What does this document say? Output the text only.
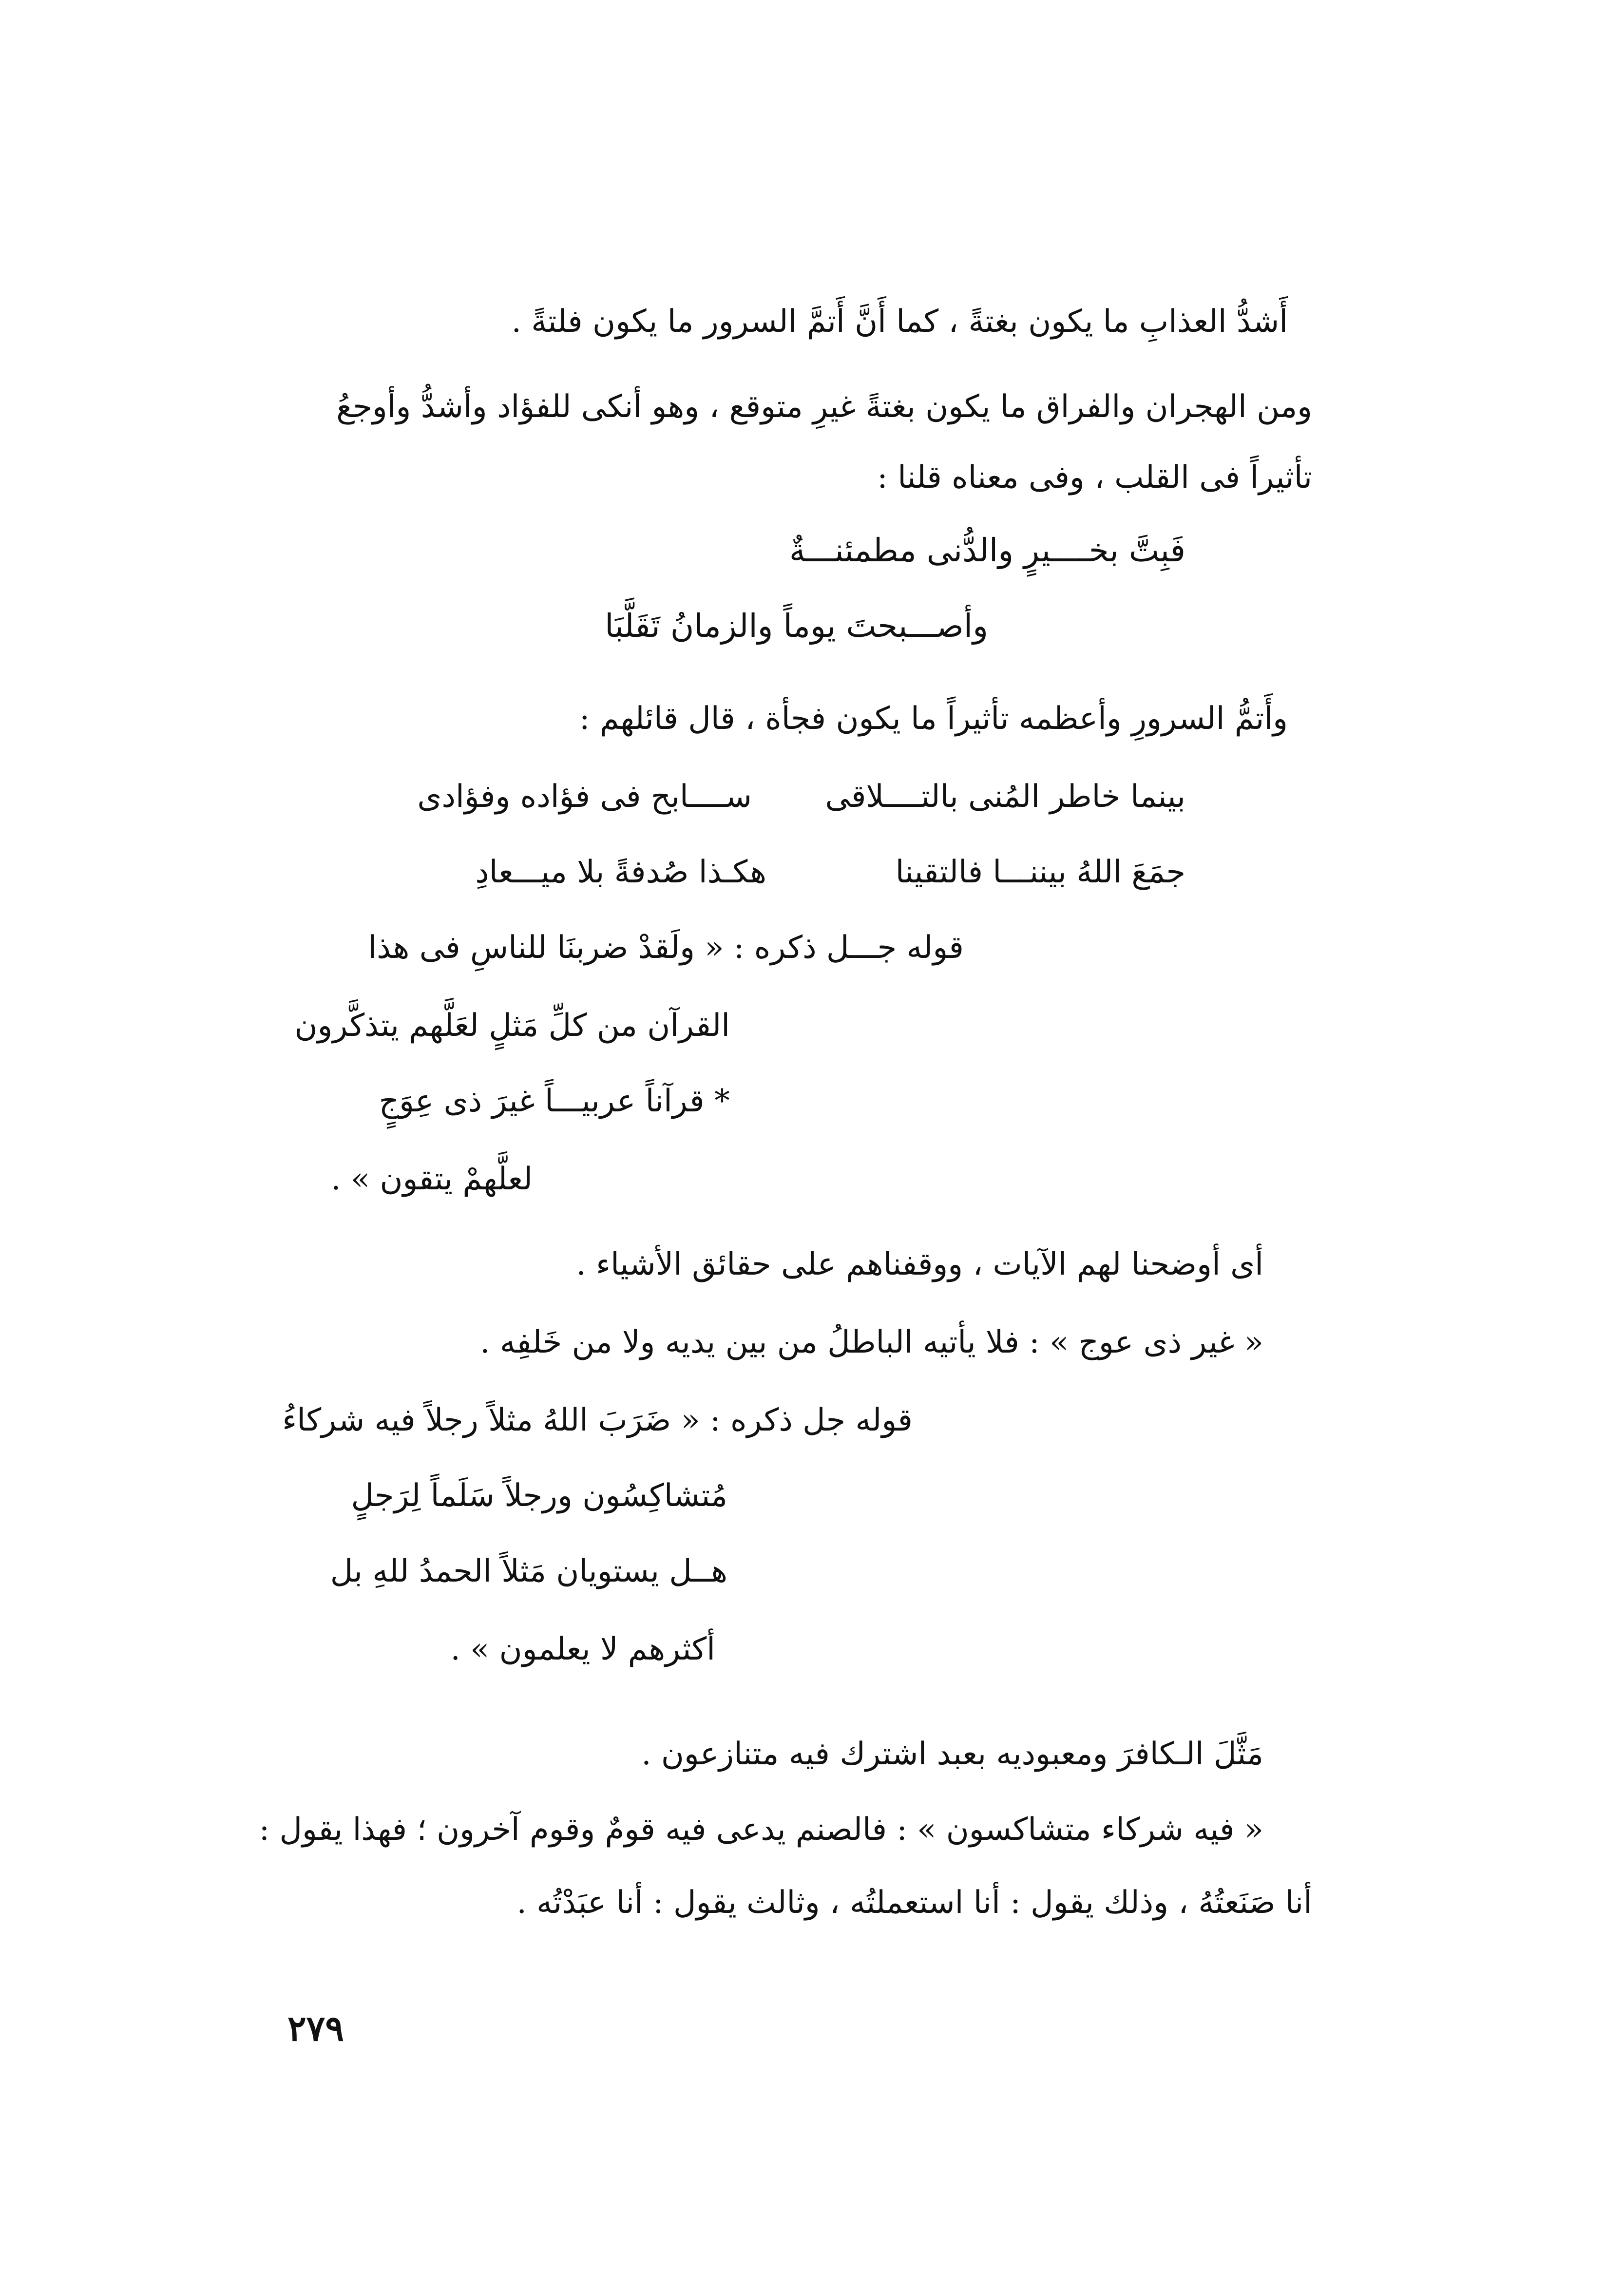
أَشدُّ العذابِ ما يكون بغتةً ، كما أَنَّ أَتمَّ السرور ما يكون فلتةً .
ومن الهجران والفراق ما يكون بغتةً غيرِ متوقع ، وهو أنكى للفؤاد وأشدُّ وأوجعُ
تأثيراً فى القلب ، وفى معناه قلنا :
فَبِتَّ بخــــيرٍ والدُّنى مطمئنـــةٌ
وأصـــبحتَ يوماً والزمانُ تَقَلَّبَا
وأَتمُّ السرورِ وأعظمه تأثيراً ما يكون فجأة ، قال قائلهم :
بينما خاطر المُنى بالتــــلاقى
ســــابح فى فؤاده وفؤادى
جمَعَ اللهُ بيننـــا فالتقينا
هكـذا صُدفةً بلا ميـــعادِ
قوله جـــل ذكره : « ولَقدْ ضربنَا للناسِ فى هذا
القرآن من كلِّ مَثلٍ لعَلَّهم يتذكَّرون
* قرآناً عربيـــاً غيرَ ذى عِوَجٍ
لعلَّهمْ يتقون » .
أى أوضحنا لهم الآيات ، ووقفناهم على حقائق الأشياء .
« غير ذى عوج » : فلا يأتيه الباطلُ من بين يديه ولا من خَلفِه .
قوله جل ذكره : « ضَرَبَ اللهُ مثلاً رجلاً فيه شركاءُ
مُتشاكِسُون ورجلاً سَلَماً لِرَجلٍ
هــل يستويان مَثلاً الحمدُ للهِ بل
أكثرهم لا يعلمون » .
مَثَّلَ الـكافرَ ومعبوديه بعبد اشترك فيه متنازعون .
« فيه شركاء متشاكسون » : فالصنم يدعى فيه قومٌ وقوم آخرون ؛ فهذا يقول :
أنا صَنَعتُهُ ، وذلك يقول : أنا استعملتُه ، وثالث يقول : أنا عبَدْتُه .
٢٧٩
